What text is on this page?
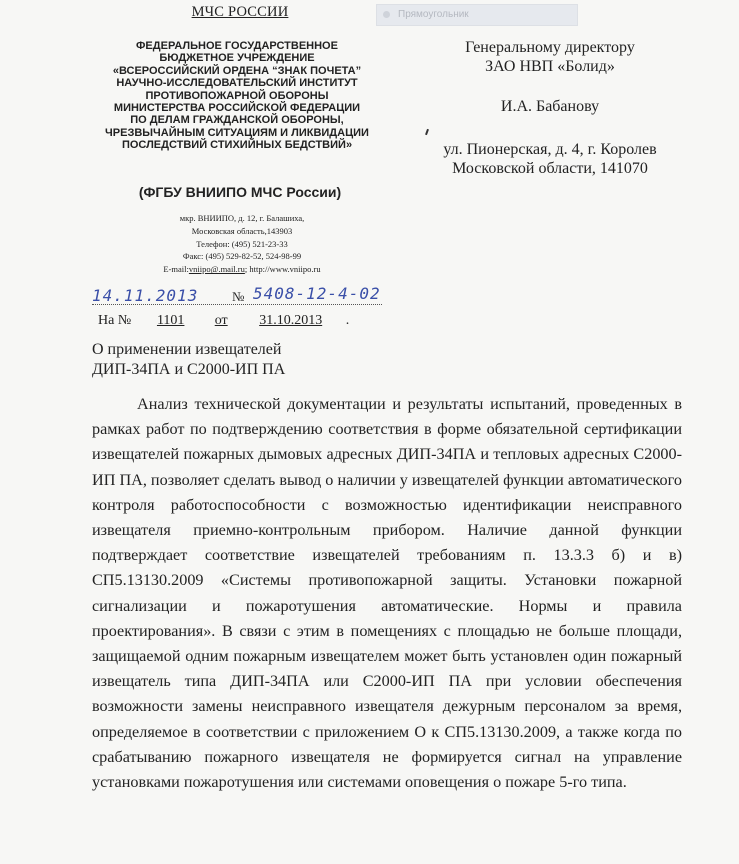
Прямоугольник
МЧС РОССИИ
ФЕДЕРАЛЬНОЕ ГОСУДАРСТВЕННОЕ
БЮДЖЕТНОЕ УЧРЕЖДЕНИЕ
«ВСЕРОССИЙСКИЙ ОРДЕНА “ЗНАК ПОЧЕТА”
НАУЧНО-ИССЛЕДОВАТЕЛЬСКИЙ ИНСТИТУТ
ПРОТИВОПОЖАРНОЙ ОБОРОНЫ
МИНИСТЕРСТВА РОССИЙСКОЙ ФЕДЕРАЦИИ
ПО ДЕЛАМ ГРАЖДАНСКОЙ ОБОРОНЫ,
ЧРЕЗВЫЧАЙНЫМ СИТУАЦИЯМ И ЛИКВИДАЦИИ
ПОСЛЕДСТВИЙ СТИХИЙНЫХ БЕДСТВИЙ»
(ФГБУ ВНИИПО МЧС России)
мкр. ВНИИПО, д. 12, г. Балашиха,
Московская область,143903
Телефон: (495) 521-23-33
Факс: (495) 529-82-52, 524-98-99
E-mail:vniipo@.mail.ru; http://www.vniipo.ru
14.11.2013	№ 5408-12-4-02
На № 1101 от 31.10.2013 .
Генеральному директору
ЗАО НВП «Болид»
И.А. Бабанову
ул. Пионерская, д. 4, г. Королев
Московской области, 141070
О применении извещателей
ДИП-34ПА и С2000-ИП ПА
Анализ технической документации и результаты испытаний, проведенных в рамках работ по подтверждению соответствия в форме обязательной сертификации извещателей пожарных дымовых адресных ДИП-34ПА и тепловых адресных С2000-ИП ПА, позволяет сделать вывод о наличии у извещателей функции автоматического контроля работоспособности с возможностью идентификации неисправного извещателя приемно-контрольным прибором. Наличие данной функции подтверждает соответствие извещателей требованиям п. 13.3.3 б) и в) СП5.13130.2009 «Системы противопожарной защиты. Установки пожарной сигнализации и пожаротушения автоматические. Нормы и правила проектирования». В связи с этим в помещениях с площадью не больше площади, защищаемой одним пожарным извещателем может быть установлен один пожарный извещатель типа ДИП-34ПА или С2000-ИП ПА при условии обеспечения возможности замены неисправного извещателя дежурным персоналом за время, определяемое в соответствии с приложением О к СП5.13130.2009, а также когда по срабатыванию пожарного извещателя не формируется сигнал на управление установками пожаротушения или системами оповещения о пожаре 5-го типа.
